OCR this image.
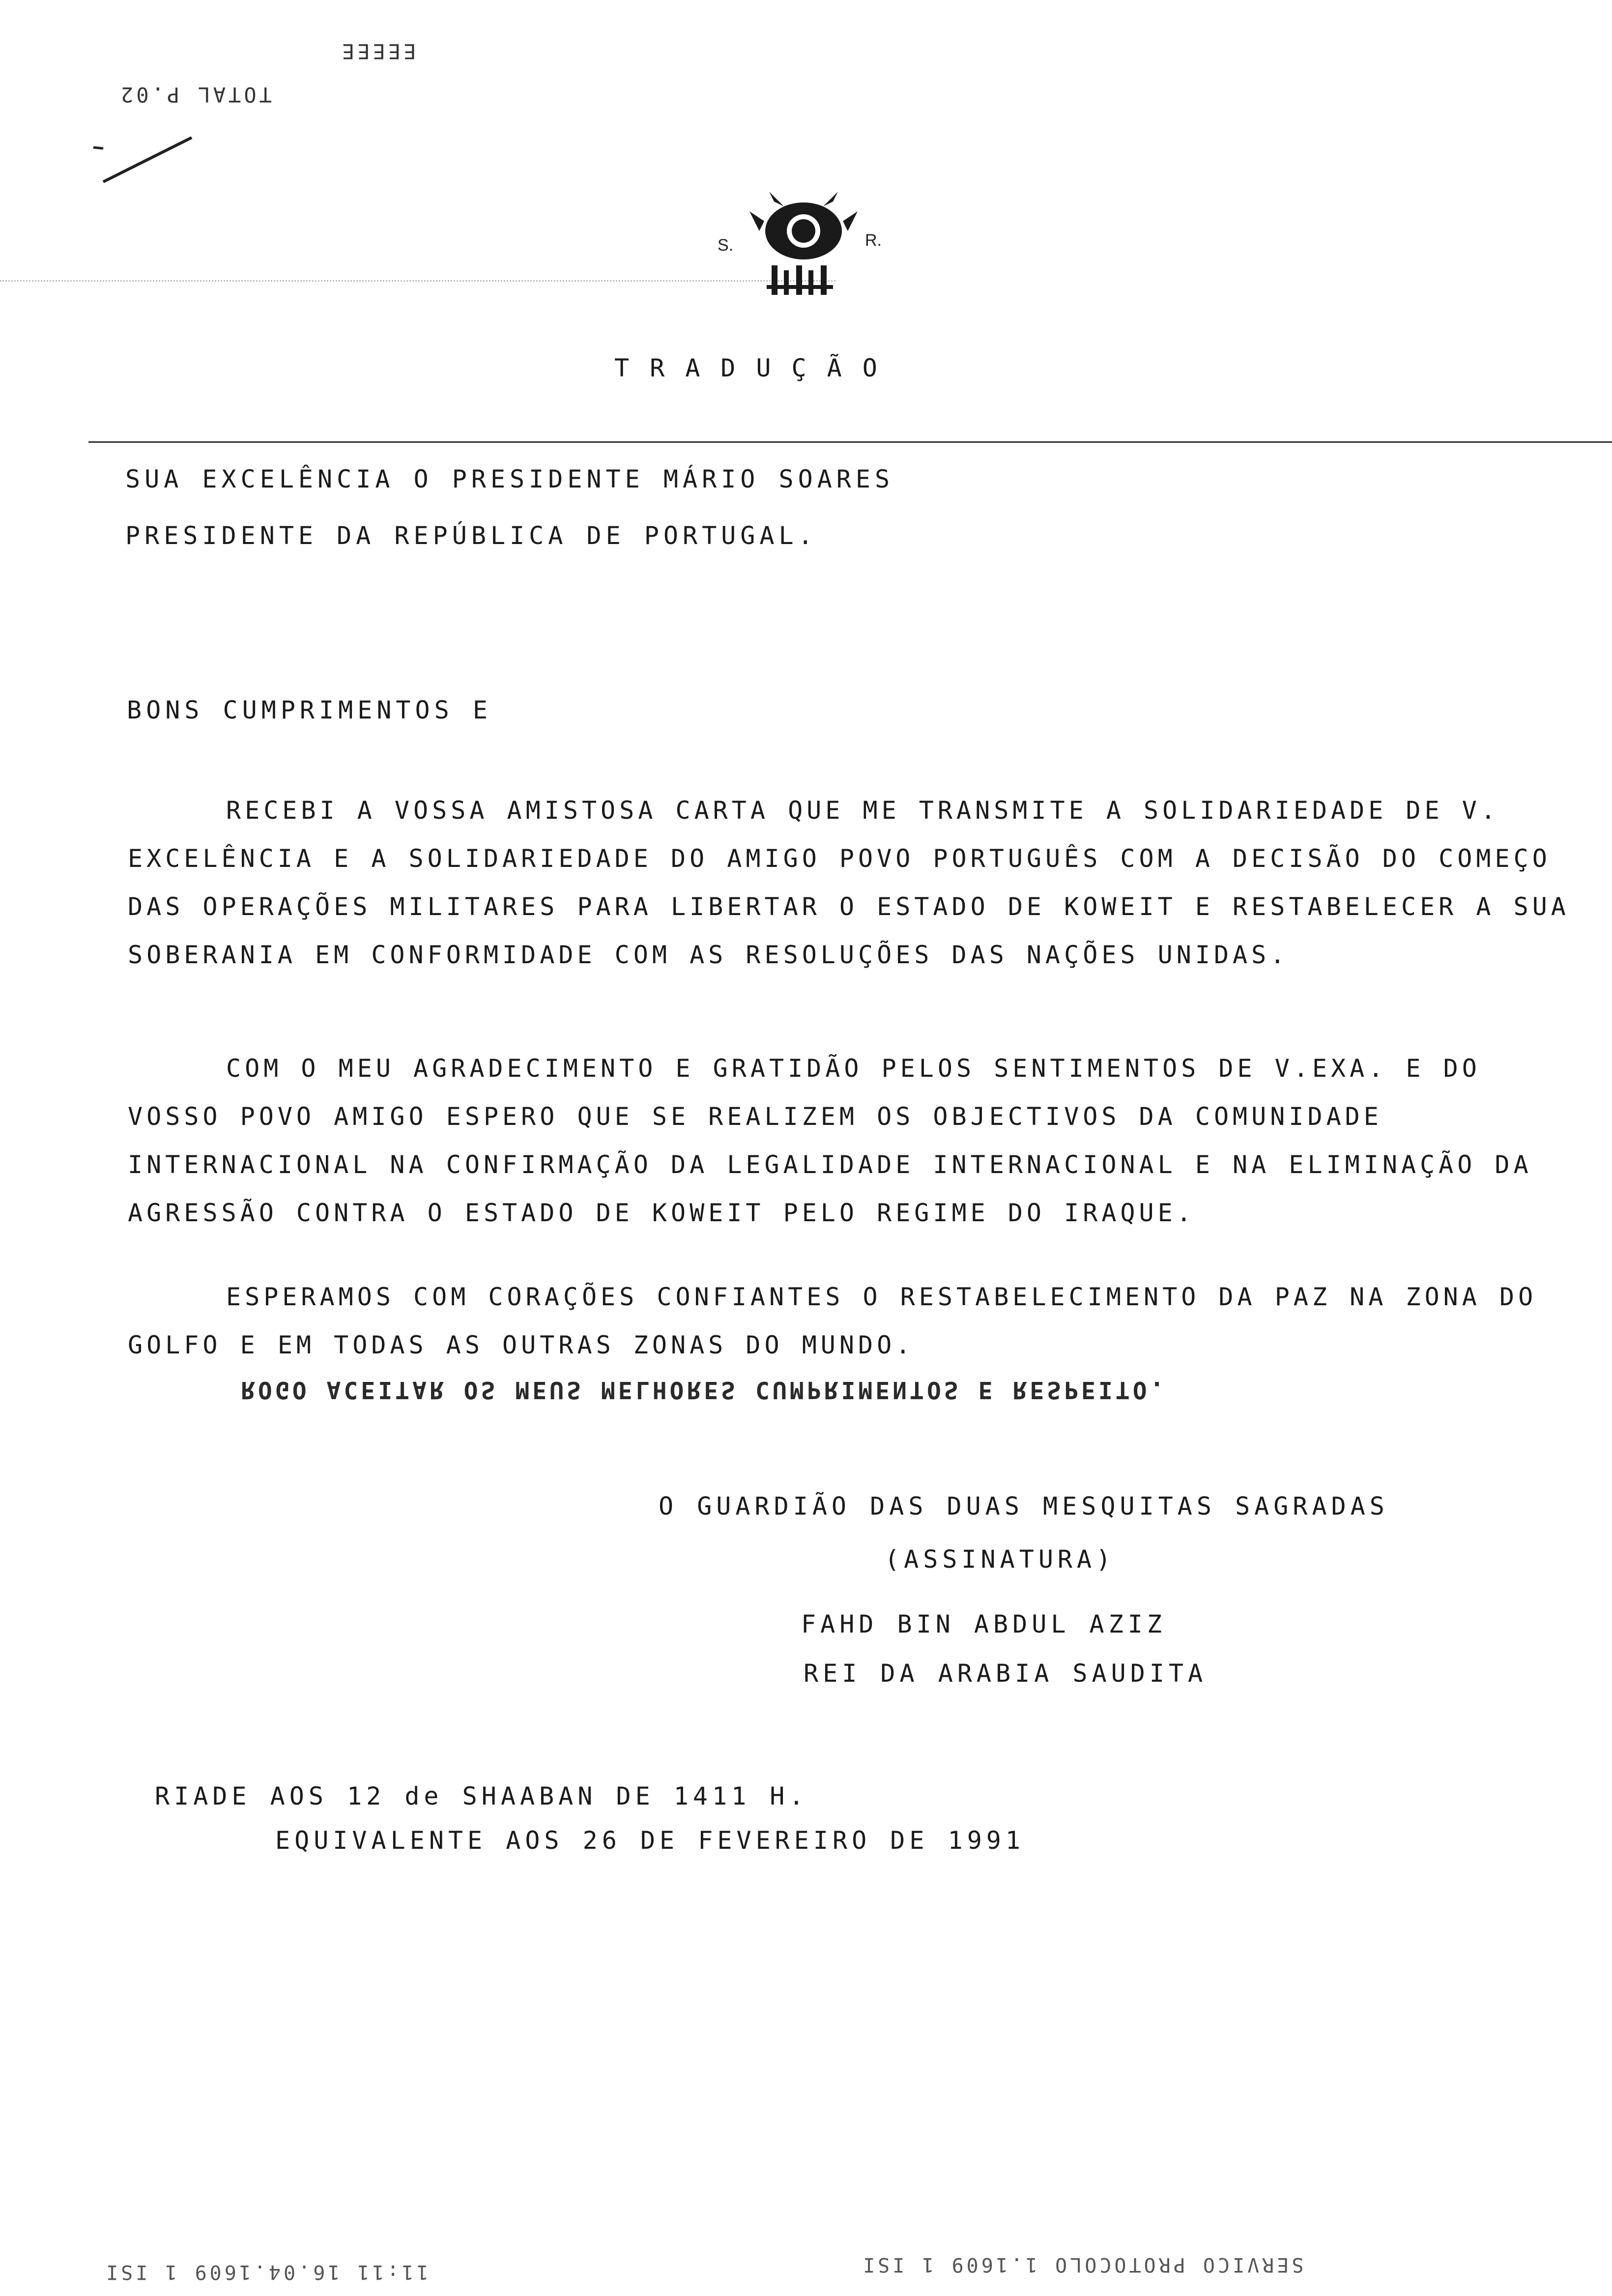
EEEEE
TOTAL P.02
S.	R.
TRADUÇÃO
SUA EXCELÊNCIA O PRESIDENTE MÁRIO SOARES
PRESIDENTE DA REPÚBLICA DE PORTUGAL.
BONS CUMPRIMENTOS E
RECEBI A VOSSA AMISTOSA CARTA QUE ME TRANSMITE A SOLIDARIEDADE DE V. EXCELÊNCIA E A SOLIDARIEDADE DO AMIGO POVO PORTUGUÊS COM A DECISÃO DO COMEÇO DAS OPERAÇÕES MILITARES PARA LIBERTAR O ESTADO DE KOWEIT E RESTABELECER A SUA SOBERANIA EM CONFORMIDADE COM AS RESOLUÇÕES DAS NAÇÕES UNIDAS.
COM O MEU AGRADECIMENTO E GRATIDÃO PELOS SENTIMENTOS DE V.EXA. E DO VOSSO POVO AMIGO ESPERO QUE SE REALIZEM OS OBJECTIVOS DA COMUNIDADE INTERNACIONAL NA CONFIRMAÇÃO DA LEGALIDADE INTERNACIONAL E NA ELIMINAÇÃO DA AGRESSÃO CONTRA O ESTADO DE KOWEIT PELO REGIME DO IRAQUE.
ESPERAMOS COM CORAÇÕES CONFIANTES O RESTABELECIMENTO DA PAZ NA ZONA DO GOLFO E EM TODAS AS OUTRAS ZONAS DO MUNDO.
ROGO ACEITAR OS MEUS MELHORES CUMPRIMENTOS E RESPEITO.
O GUARDIÃO DAS DUAS MESQUITAS SAGRADAS
(ASSINATURA)
FAHD BIN ABDUL AZIZ
REI DA ARABIA SAUDITA
RIADE AOS 12 de SHAABAN DE 1411 H.
EQUIVALENTE AOS 26 DE FEVEREIRO DE 1991
11:11 16.04.1609 1 ISI	SERVICO PROTOCOLO 1.1609 1 ISI
